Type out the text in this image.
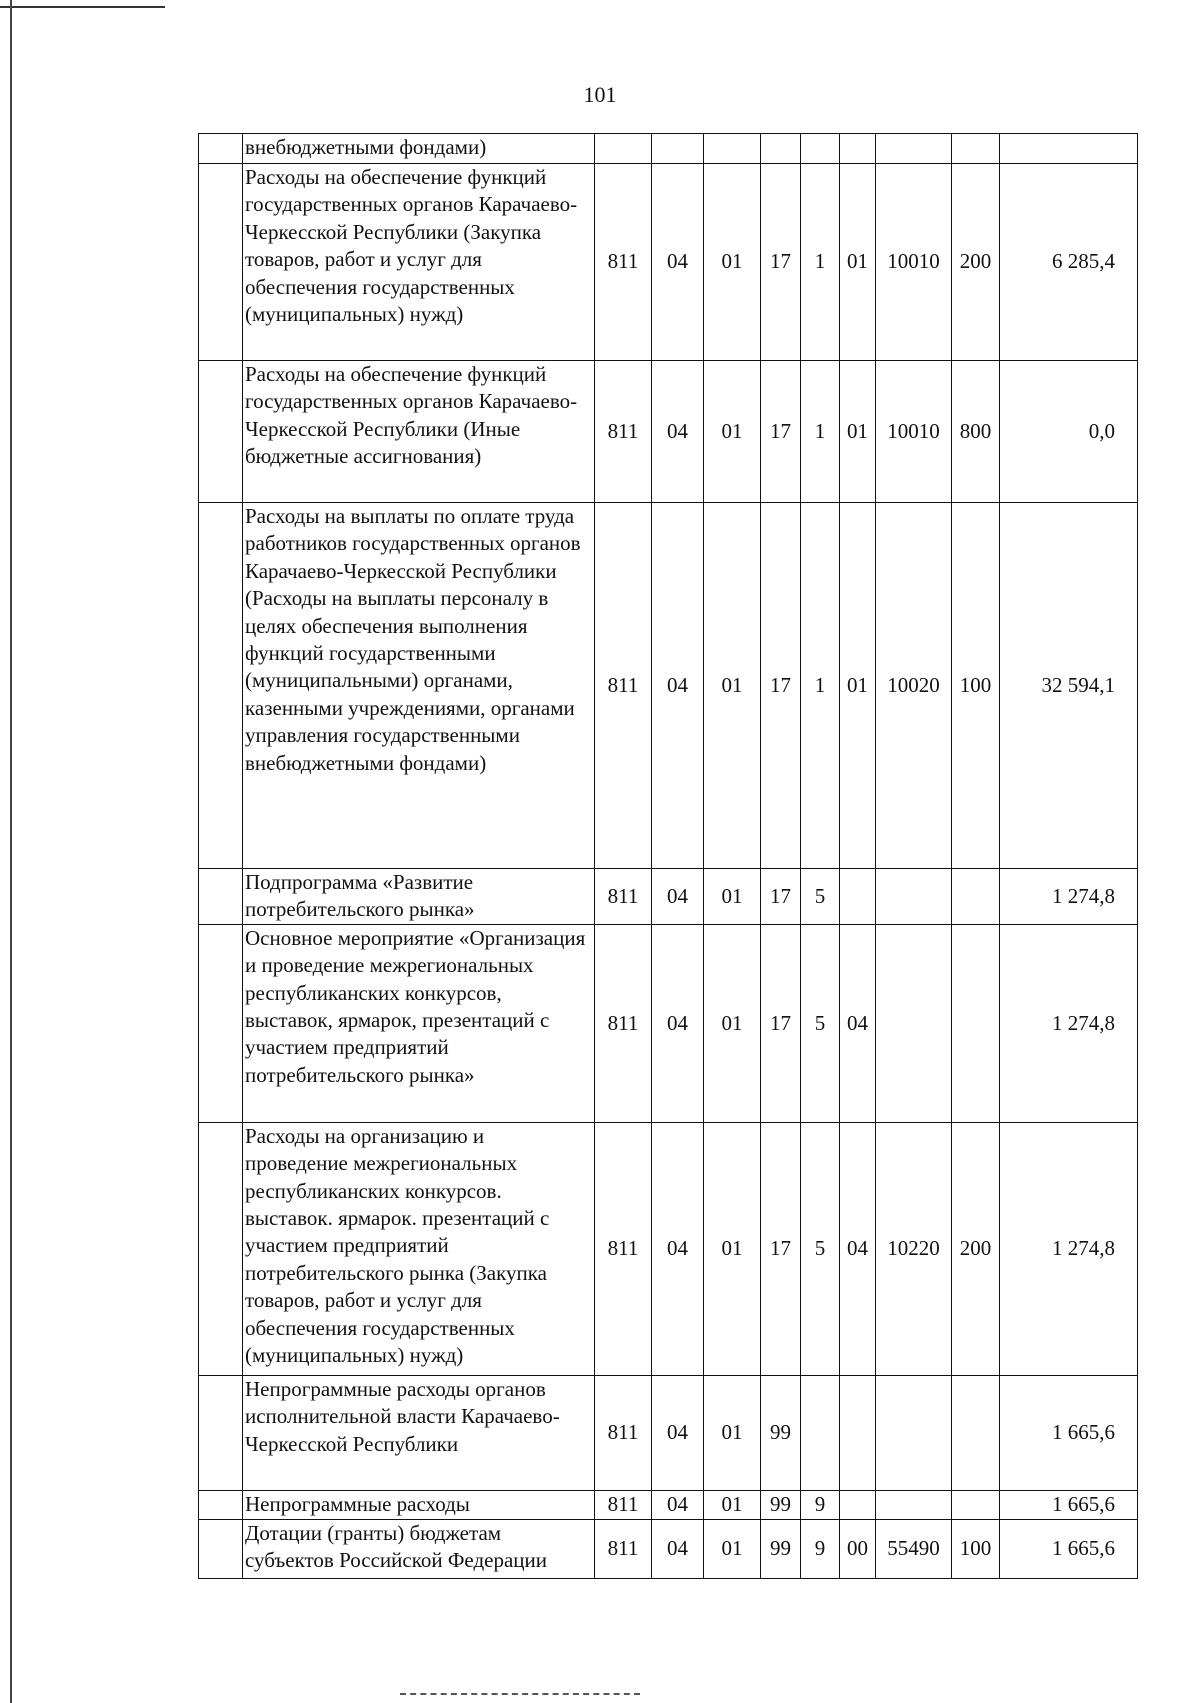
101
	внебюджетными фондами)									
	Расходы на обеспечение функций государственных органов Карачаево-Черкесской Республики (Закупка товаров, работ и услуг для обеспечения государственных (муниципальных) нужд)	811	04	01	17	1	01	10010	200	6 285,4
	Расходы на обеспечение функций государственных органов Карачаево-Черкесской Республики (Иные бюджетные ассигнования)	811	04	01	17	1	01	10010	800	0,0
	Расходы на выплаты по оплате труда работников государственных органов Карачаево-Черкесской Республики (Расходы на выплаты персоналу в целях обеспечения выполнения функций государственными (муниципальными) органами, казенными учреждениями, органами управления государственными внебюджетными фондами)	811	04	01	17	1	01	10020	100	32 594,1
	Подпрограмма «Развитие потребительского рынка»	811	04	01	17	5				1 274,8
	Основное мероприятие «Организация и проведение межрегиональных республиканских конкурсов, выставок, ярмарок, презентаций с участием предприятий потребительского рынка»	811	04	01	17	5	04			1 274,8
	Расходы на организацию и проведение межрегиональных республиканских конкурсов. выставок. ярмарок. презентаций с участием предприятий потребительского рынка (Закупка товаров, работ и услуг для обеспечения государственных (муниципальных) нужд)	811	04	01	17	5	04	10220	200	1 274,8
	Непрограммные расходы органов исполнительной власти Карачаево-Черкесской Республики	811	04	01	99					1 665,6
	Непрограммные расходы	811	04	01	99	9				1 665,6
	Дотации (гранты) бюджетам субъектов Российской Федерации	811	04	01	99	9	00	55490	100	1 665,6
